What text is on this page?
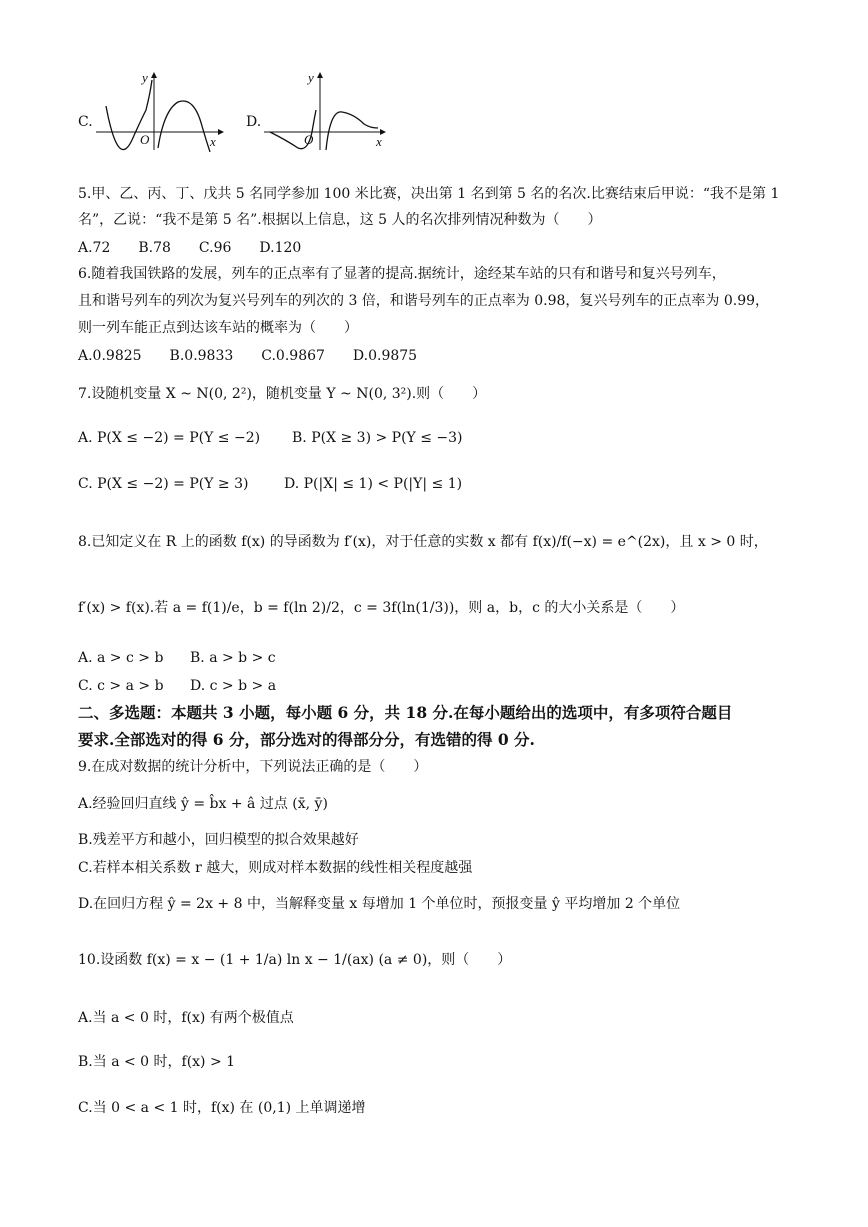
C.
y
x
O
D.
y
x
O
5.甲、乙、丙、丁、戊共 5 名同学参加 100 米比赛，决出第 1 名到第 5 名的名次.比赛结束后甲说：“我不是第 1
名”，乙说：“我不是第 5 名”.根据以上信息，这 5 人的名次排列情况种数为（　　）
A.72　　B.78　　C.96　　D.120
6.随着我国铁路的发展，列车的正点率有了显著的提高.据统计，途经某车站的只有和谐号和复兴号列车，
且和谐号列车的列次为复兴号列车的列次的 3 倍，和谐号列车的正点率为 0.98，复兴号列车的正点率为 0.99，
则一列车能正点到达该车站的概率为（　　）
A.0.9825　　B.0.9833　　C.0.9867　　D.0.9875
7.设随机变量 X ~ N(0, 2²)，随机变量 Y ~ N(0, 3²).则（　　）
A. P(X ≤ −2) = P(Y ≤ −2) B. P(X ≥ 3) > P(Y ≤ −3)
C. P(X ≤ −2) = P(Y ≥ 3)	D. P(|X| ≤ 1) < P(|Y| ≤ 1)
8.已知定义在 R 上的函数 f(x) 的导函数为 f′(x)，对于任意的实数 x 都有 f(x)/f(−x) = e^(2x)，且 x > 0 时，
f′(x) > f(x).若 a = f(1)/e，b = f(ln 2)/2，c = 3f(ln(1/3))，则 a，b，c 的大小关系是（　　）
A. a > c > b B. a > b > c
C. c > a > b D. c > b > a
二、多选题：本题共 3 小题，每小题 6 分，共 18 分.在每小题给出的选项中，有多项符合题目
要求.全部选对的得 6 分，部分选对的得部分分，有选错的得 0 分.
9.在成对数据的统计分析中，下列说法正确的是（　　）
A.经验回归直线 ŷ = b̂x + â 过点 (x̄, ȳ)
B.残差平方和越小，回归模型的拟合效果越好
C.若样本相关系数 r 越大，则成对样本数据的线性相关程度越强
D.在回归方程 ŷ = 2x + 8 中，当解释变量 x 每增加 1 个单位时，预报变量 ŷ 平均增加 2 个单位
10.设函数 f(x) = x − (1 + 1/a) ln x − 1/(ax) (a ≠ 0)，则（　　）
A.当 a < 0 时，f(x) 有两个极值点
B.当 a < 0 时，f(x) > 1
C.当 0 < a < 1 时，f(x) 在 (0,1) 上单调递增
